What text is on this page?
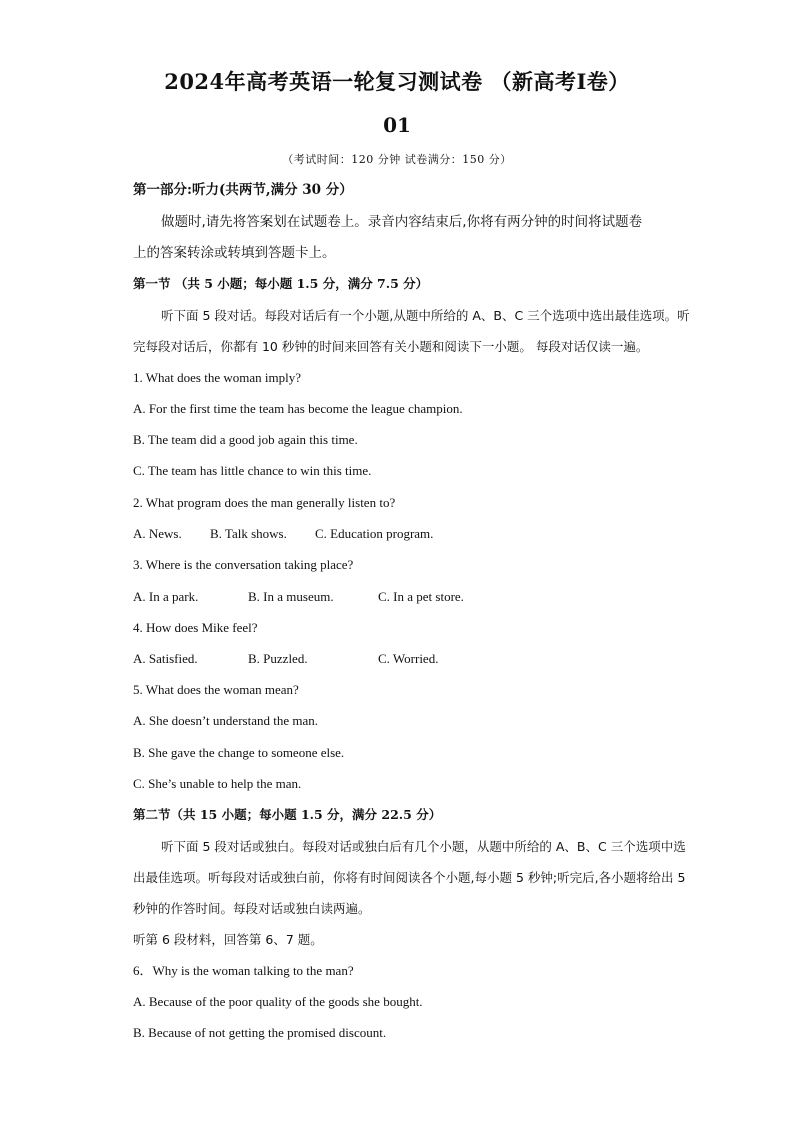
2024年高考英语一轮复习测试卷 （新高考Ⅰ卷）
01
（考试时间：120 分钟 试卷满分：150 分）
第一部分:听力(共两节,满分 30 分）
做题时,请先将答案划在试题卷上。录音内容结束后,你将有两分钟的时间将试题卷
上的答案转涂或转填到答题卡上。
第一节 （共 5 小题；每小题 1.5 分，满分 7.5 分）
听下面 5 段对话。每段对话后有一个小题,从题中所给的 A、B、C 三个选项中选出最佳选项。听
完每段对话后，你都有 10 秒钟的时间来回答有关小题和阅读下一小题。 每段对话仅读一遍。
1. What does the woman imply?
A. For the first time the team has become the league champion.
B. The team did a good job again this time.
C. The team has little chance to win this time.
2. What program does the man generally listen to?
A. News. B. Talk shows. C. Education program.
3. Where is the conversation taking place?
A. In a park.	B. In a museum.	C. In a pet store.
4. How does Mike feel?
A. Satisfied.	B. Puzzled.	C. Worried.
5. What does the woman mean?
A. She doesn’t understand the man.
B. She gave the change to someone else.
C. She’s unable to help the man.
第二节（共 15 小题；每小题 1.5 分，满分 22.5 分）
听下面 5 段对话或独白。每段对话或独白后有几个小题，从题中所给的 A、B、C 三个选项中选
出最佳选项。听每段对话或独白前，你将有时间阅读各个小题,每小题 5 秒钟;听完后,各小题将给出 5
秒钟的作答时间。每段对话或独白读两遍。
听第 6 段材料，回答第 6、7 题。
6．Why is the woman talking to the man?
A. Because of the poor quality of the goods she bought.
B. Because of not getting the promised discount.
